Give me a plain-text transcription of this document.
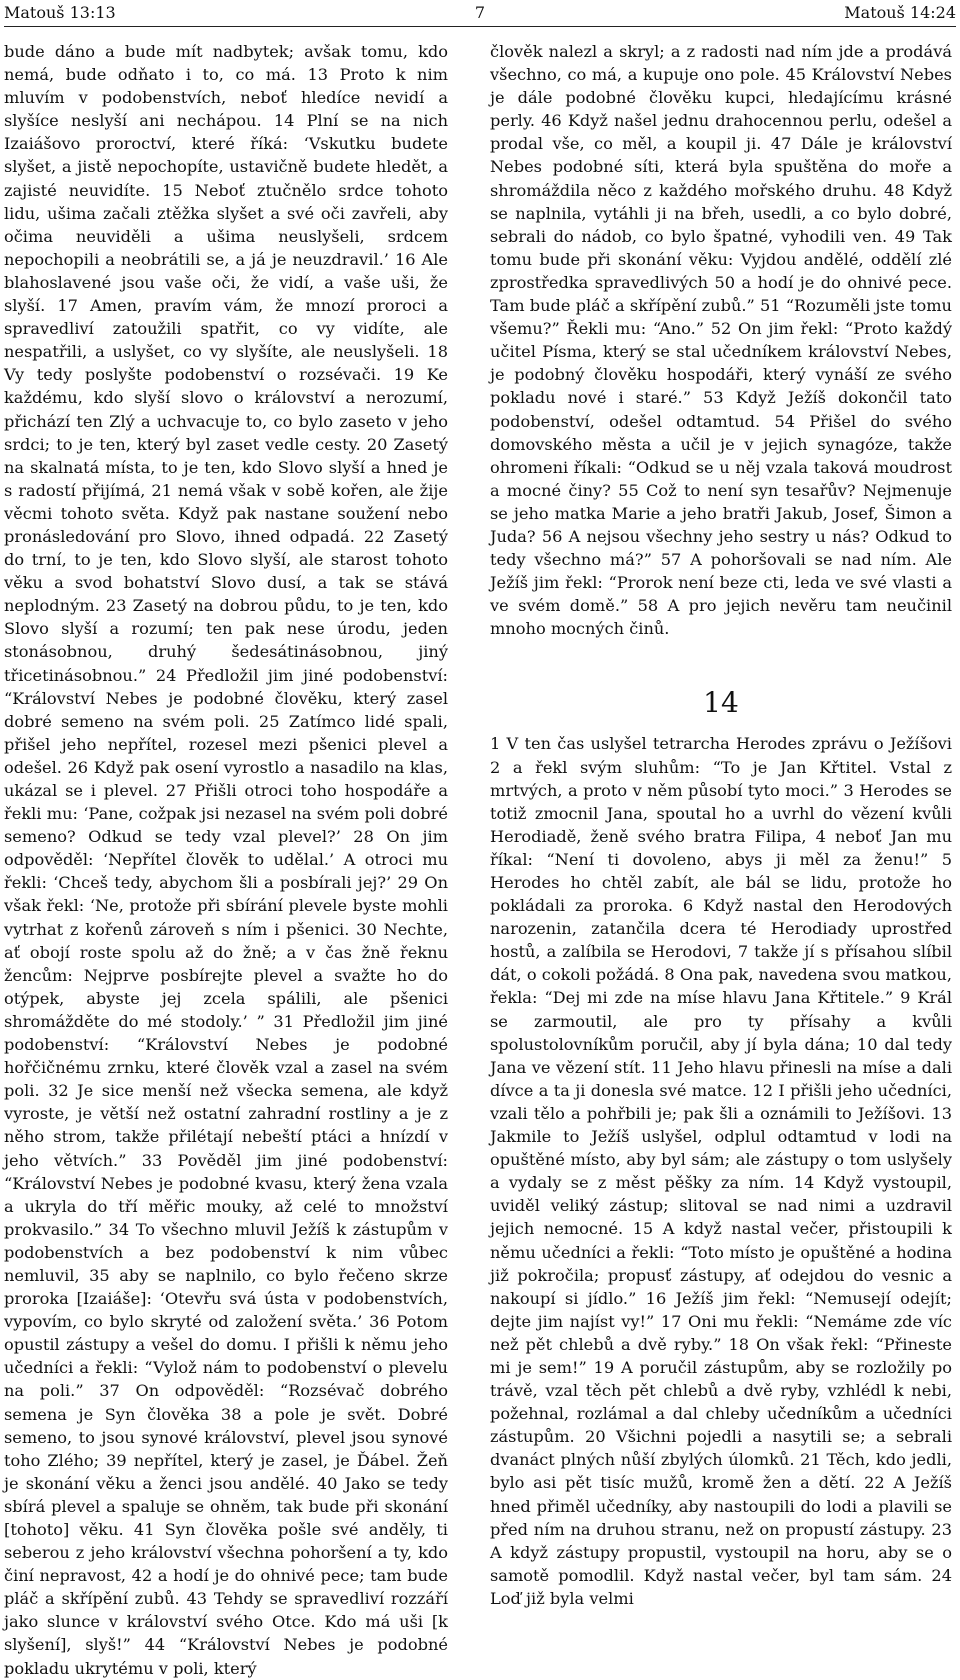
Matouš 13:13	7	Matouš 14:24

bude dáno a bude mít nadbytek; avšak tomu, kdo nemá, bude odňato i to, co má. 13 Proto k nim mluvím v podobenstvích, neboť hledíce nevidí a slyšíce neslyší ani nechápou. 14 Plní se na nich Izaiášovo proroctví, které říká: ‘Vskutku budete slyšet, a jistě nepochopíte, ustavičně budete hledět, a zajisté neuvidíte. 15 Neboť ztučnělo srdce tohoto lidu, ušima začali ztěžka slyšet a své oči zavřeli, aby očima neuviděli a ušima neuslyšeli, srdcem nepochopili a neobrátili se, a já je neuzdravil.’ 16 Ale blahoslavené jsou vaše oči, že vidí, a vaše uši, že slyší. 17 Amen, pravím vám, že mnozí proroci a spravedliví zatoužili spatřit, co vy vidíte, ale nespatřili, a uslyšet, co vy slyšíte, ale neuslyšeli. 18 Vy tedy poslyšte podobenství o rozsévači. 19 Ke každému, kdo slyší slovo o království a nerozumí, přichází ten Zlý a uchvacuje to, co bylo zaseto v jeho srdci; to je ten, který byl zaset vedle cesty. 20 Zasetý na skalnatá místa, to je ten, kdo Slovo slyší a hned je s radostí přijímá, 21 nemá však v sobě kořen, ale žije věcmi tohoto světa. Když pak nastane soužení nebo pronásledování pro Slovo, ihned odpadá. 22 Zasetý do trní, to je ten, kdo Slovo slyší, ale starost tohoto věku a svod bohatství Slovo dusí, a tak se stává neplodným. 23 Zasetý na dobrou půdu, to je ten, kdo Slovo slyší a rozumí; ten pak nese úrodu, jeden stonásobnou, druhý šedesátinásobnou, jiný třicetinásobnou.” 24 Předložil jim jiné podobenství: “Království Nebes je podobné člověku, který zasel dobré semeno na svém poli. 25 Zatímco lidé spali, přišel jeho nepřítel, rozesel mezi pšenici plevel a odešel. 26 Když pak osení vyrostlo a nasadilo na klas, ukázal se i plevel. 27 Přišli otroci toho hospodáře a řekli mu: ‘Pane, cožpak jsi nezasel na svém poli dobré semeno? Odkud se tedy vzal plevel?’ 28 On jim odpověděl: ‘Nepřítel člověk to udělal.’ A otroci mu řekli: ‘Chceš tedy, abychom šli a posbírali jej?’ 29 On však řekl: ‘Ne, protože při sbírání plevele byste mohli vytrhat z kořenů zároveň s ním i pšenici. 30 Nechte, ať obojí roste spolu až do žně; a v čas žně řeknu žencům: Nejprve posbírejte plevel a svažte ho do otýpek, abyste jej zcela spálili, ale pšenici shromážděte do mé stodoly.’ ” 31 Předložil jim jiné podobenství: “Království Nebes je podobné hořčičnému zrnku, které člověk vzal a zasel na svém poli. 32 Je sice menší než všecka semena, ale když vyroste, je větší než ostatní zahradní rostliny a je z něho strom, takže přilétají nebeští ptáci a hnízdí v jeho větvích.” 33 Pověděl jim jiné podobenství: “Království Nebes je podobné kvasu, který žena vzala a ukryla do tří měřic mouky, až celé to množství prokvasilo.” 34 To všechno mluvil Ježíš k zástupům v podobenstvích a bez podobenství k nim vůbec nemluvil, 35 aby se naplnilo, co bylo řečeno skrze proroka [Izaiáše]: ‘Otevřu svá ústa v podobenstvích, vypovím, co bylo skryté od založení světa.’ 36 Potom opustil zástupy a vešel do domu. I přišli k němu jeho učedníci a řekli: “Vylož nám to podobenství o plevelu na poli.” 37 On odpověděl: “Rozsévač dobrého semena je Syn člověka 38 a pole je svět. Dobré semeno, to jsou synové království, plevel jsou synové toho Zlého; 39 nepřítel, který je zasel, je Ďábel. Žeň je skonání věku a ženci jsou andělé. 40 Jako se tedy sbírá plevel a spaluje se ohněm, tak bude při skonání [tohoto] věku. 41 Syn člověka pošle své anděly, ti seberou z jeho království všechna pohoršení a ty, kdo činí nepravost, 42 a hodí je do ohnivé pece; tam bude pláč a skřípění zubů. 43 Tehdy se spravedliví rozzáří jako slunce v království svého Otce. Kdo má uši [k slyšení], slyš!” 44 “Království Nebes je podobné pokladu ukrytému v poli, který

člověk nalezl a skryl; a z radosti nad ním jde a prodává všechno, co má, a kupuje ono pole. 45 Království Nebes je dále podobné člověku kupci, hledajícímu krásné perly. 46 Když našel jednu drahocennou perlu, odešel a prodal vše, co měl, a koupil ji. 47 Dále je království Nebes podobné síti, která byla spuštěna do moře a shromáždila něco z každého mořského druhu. 48 Když se naplnila, vytáhli ji na břeh, usedli, a co bylo dobré, sebrali do nádob, co bylo špatné, vyhodili ven. 49 Tak tomu bude při skonání věku: Vyjdou andělé, oddělí zlé zprostředka spravedlivých 50 a hodí je do ohnivé pece. Tam bude pláč a skřípění zubů.” 51 “Rozuměli jste tomu všemu?” Řekli mu: “Ano.” 52 On jim řekl: “Proto každý učitel Písma, který se stal učedníkem království Nebes, je podobný člověku hospodáři, který vynáší ze svého pokladu nové i staré.” 53 Když Ježíš dokončil tato podobenství, odešel odtamtud. 54 Přišel do svého domovského města a učil je v jejich synagóze, takže ohromeni říkali: “Odkud se u něj vzala taková moudrost a mocné činy? 55 Což to není syn tesařův? Nejmenuje se jeho matka Marie a jeho bratři Jakub, Josef, Šimon a Juda? 56 A nejsou všechny jeho sestry u nás? Odkud to tedy všechno má?” 57 A pohoršovali se nad ním. Ale Ježíš jim řekl: “Prorok není beze cti, leda ve své vlasti a ve svém domě.” 58 A pro jejich nevěru tam neučinil mnoho mocných činů.

14

1 V ten čas uslyšel tetrarcha Herodes zprávu o Ježíšovi 2 a řekl svým sluhům: “To je Jan Křtitel. Vstal z mrtvých, a proto v něm působí tyto moci.” 3 Herodes se totiž zmocnil Jana, spoutal ho a uvrhl do vězení kvůli Herodiadě, ženě svého bratra Filipa, 4 neboť Jan mu říkal: “Není ti dovoleno, abys ji měl za ženu!” 5 Herodes ho chtěl zabít, ale bál se lidu, protože ho pokládali za proroka. 6 Když nastal den Herodových narozenin, zatančila dcera té Herodiady uprostřed hostů, a zalíbila se Herodovi, 7 takže jí s přísahou slíbil dát, o cokoli požádá. 8 Ona pak, navedena svou matkou, řekla: “Dej mi zde na míse hlavu Jana Křtitele.” 9 Král se zarmoutil, ale pro ty přísahy a kvůli spolustolovníkům poručil, aby jí byla dána; 10 dal tedy Jana ve vězení stít. 11 Jeho hlavu přinesli na míse a dali dívce a ta ji donesla své matce. 12 I přišli jeho učedníci, vzali tělo a pohřbili je; pak šli a oznámili to Ježíšovi. 13 Jakmile to Ježíš uslyšel, odplul odtamtud v lodi na opuštěné místo, aby byl sám; ale zástupy o tom uslyšely a vydaly se z měst pěšky za ním. 14 Když vystoupil, uviděl veliký zástup; slitoval se nad nimi a uzdravil jejich nemocné. 15 A když nastal večer, přistoupili k němu učedníci a řekli: “Toto místo je opuštěné a hodina již pokročila; propusť zástupy, ať odejdou do vesnic a nakoupí si jídlo.” 16 Ježíš jim řekl: “Nemusejí odejít; dejte jim najíst vy!” 17 Oni mu řekli: “Nemáme zde víc než pět chlebů a dvě ryby.” 18 On však řekl: “Přineste mi je sem!” 19 A poručil zástupům, aby se rozložily po trávě, vzal těch pět chlebů a dvě ryby, vzhlédl k nebi, požehnal, rozlámal a dal chleby učedníkům a učedníci zástupům. 20 Všichni pojedli a nasytili se; a sebrali dvanáct plných nůší zbylých úlomků. 21 Těch, kdo jedli, bylo asi pět tisíc mužů, kromě žen a dětí. 22 A Ježíš hned přiměl učedníky, aby nastoupili do lodi a plavili se před ním na druhou stranu, než on propustí zástupy. 23 A když zástupy propustil, vystoupil na horu, aby se o samotě pomodlil. Když nastal večer, byl tam sám. 24 Loď již byla velmi
